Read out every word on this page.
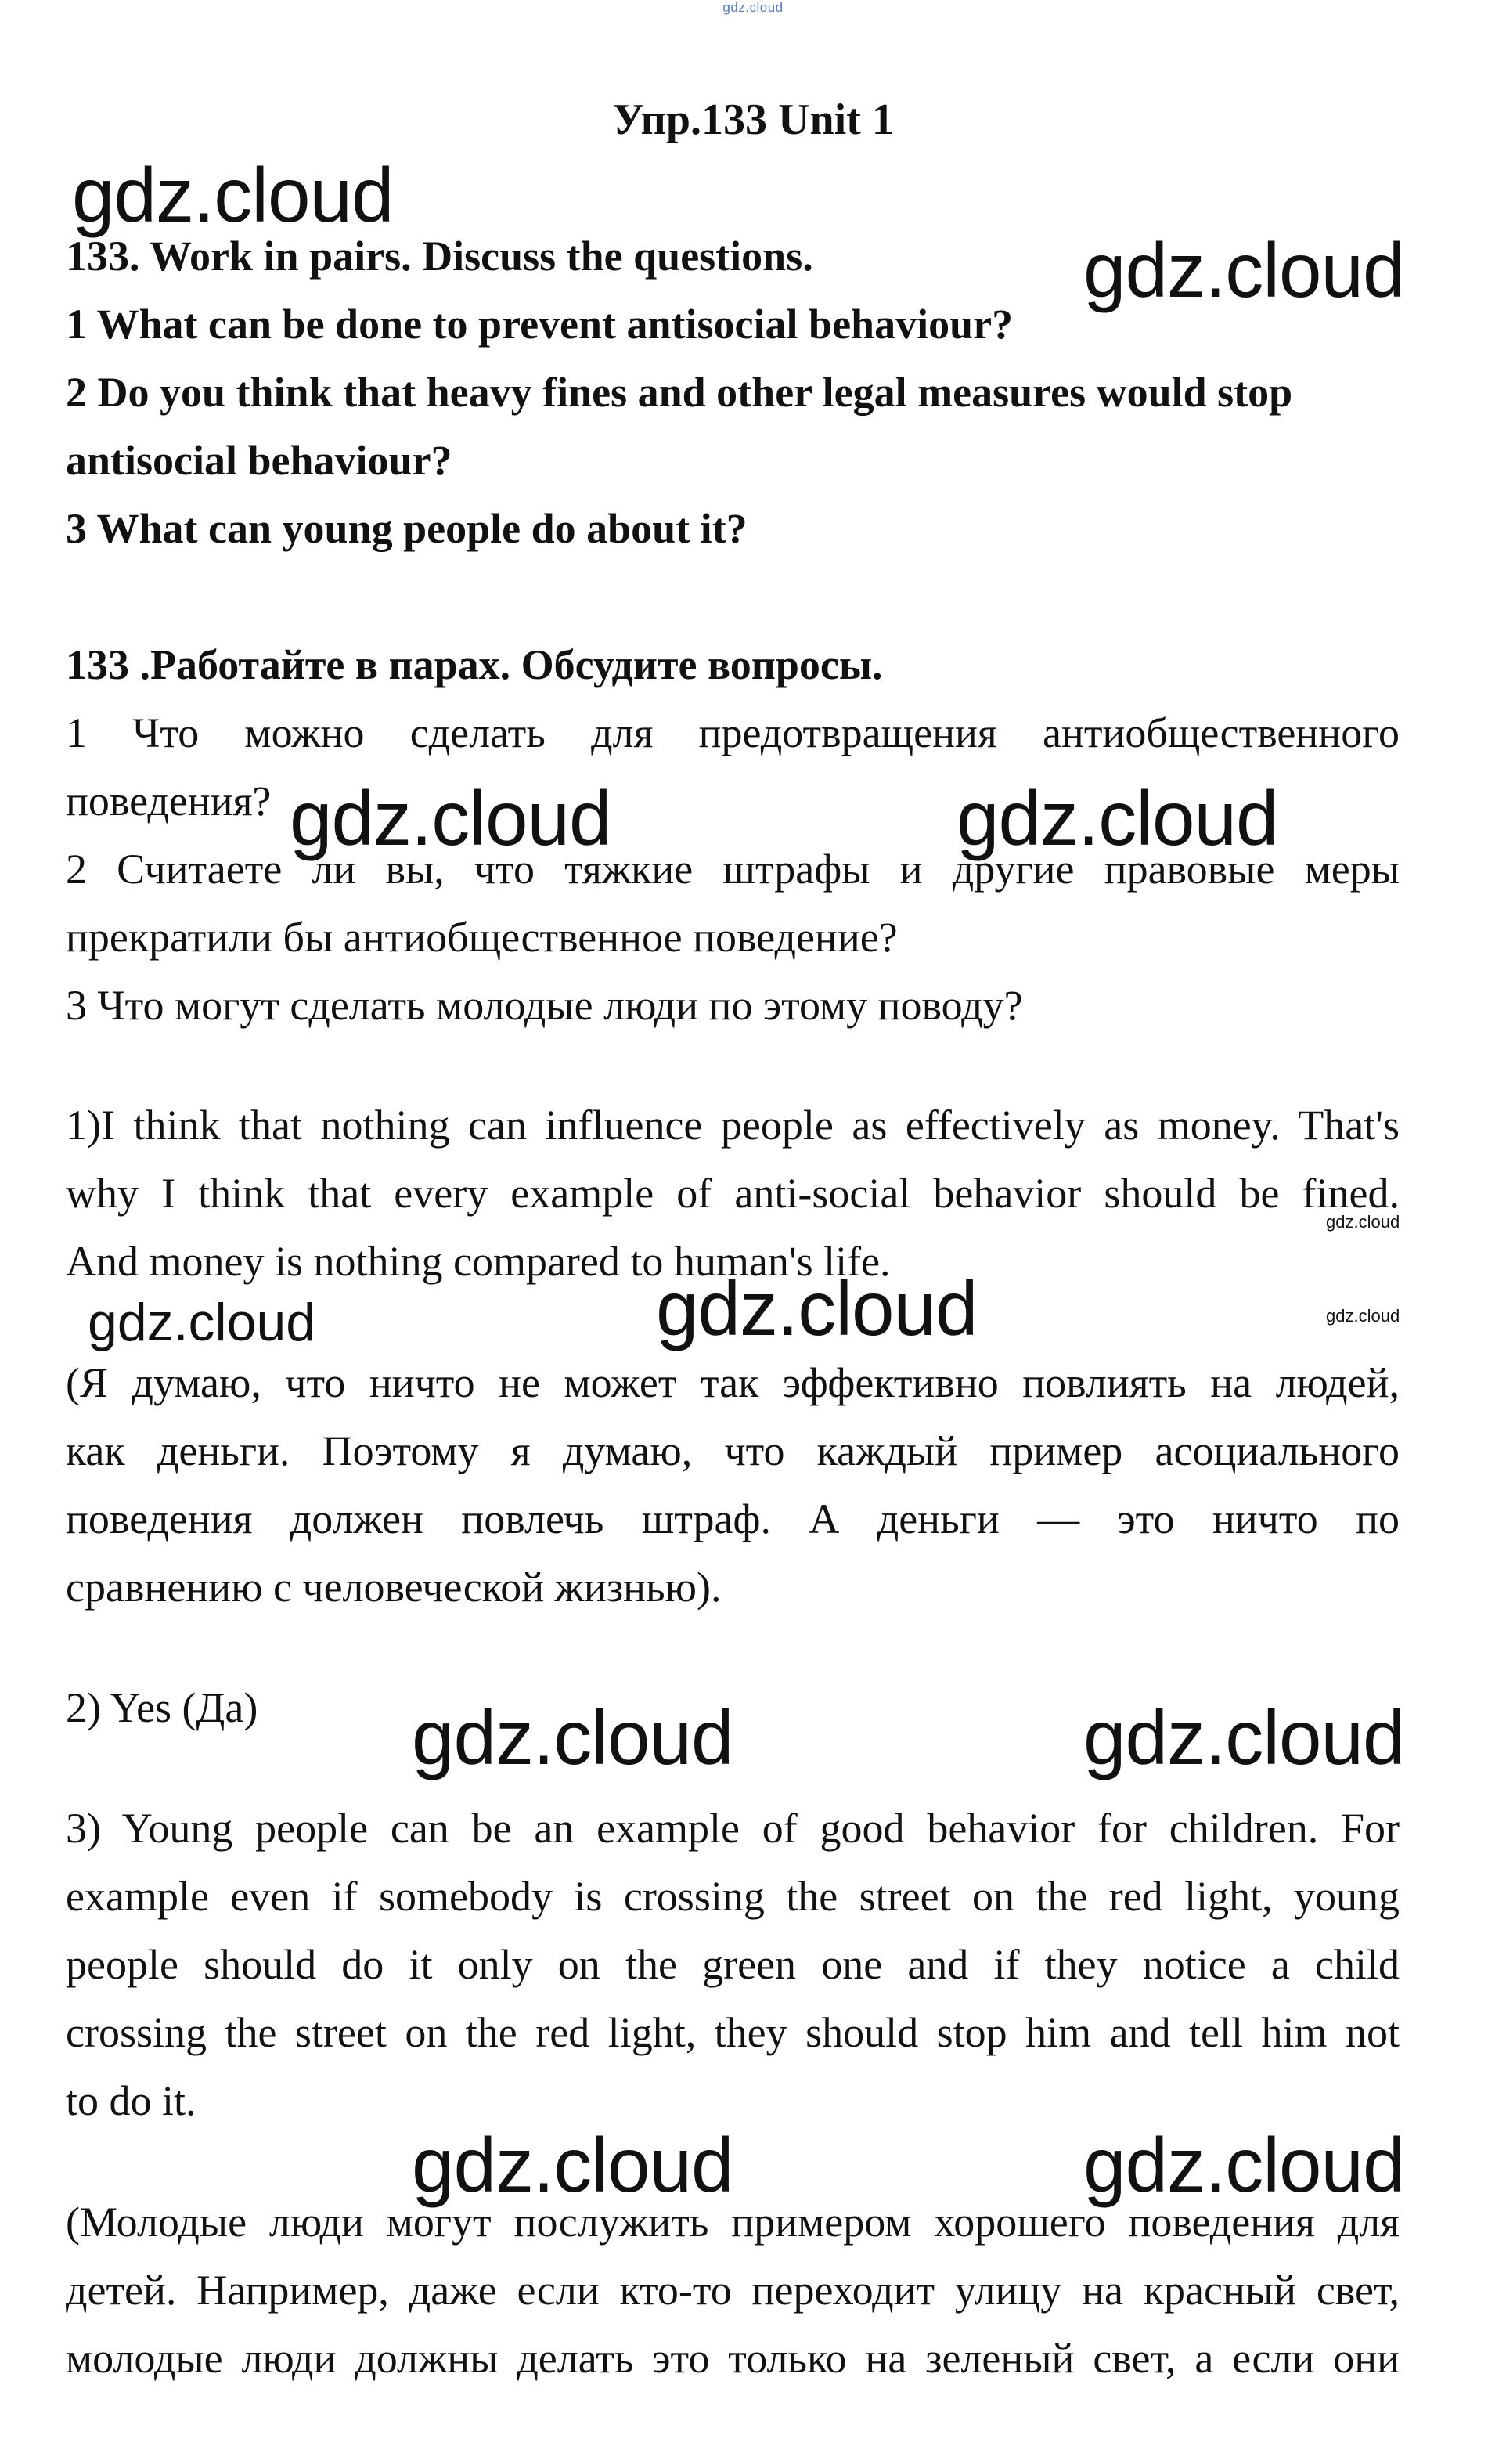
gdz.cloud
Упр.133 Unit 1
133. Work in pairs. Discuss the questions.
1 What can be done to prevent antisocial behaviour?
2 Do you think that heavy fines and other legal measures would stop
antisocial behaviour?
3 What can young people do about it?
133 .Работайте в парах. Обсудите вопросы.
1 Что можно сделать для предотвращения антиобщественного
поведения?
2 Считаете ли вы, что тяжкие штрафы и другие правовые меры
прекратили бы антиобщественное поведение?
3 Что могут сделать молодые люди по этому поводу?
1)I think that nothing can influence people as effectively as money. That's
why I think that every example of anti-social behavior should be fined.
And money is nothing compared to human's life.
(Я думаю, что ничто не может так эффективно повлиять на людей,
как деньги. Поэтому я думаю, что каждый пример асоциального
поведения должен повлечь штраф. А деньги — это ничто по
сравнению с человеческой жизнью).
2) Yes (Да)
3) Young people can be an example of good behavior for children. For
example even if somebody is crossing the street on the red light, young
people should do it only on the green one and if they notice a child
crossing the street on the red light, they should stop him and tell him not
to do it.
(Молодые люди могут послужить примером хорошего поведения для
детей. Например, даже если кто-то переходит улицу на красный свет,
молодые люди должны делать это только на зеленый свет, а если они
gdz.cloud
gdz.cloud
gdz.cloud	gdz.cloud
gdz.cloud
gdz.cloud	gdz.cloud	gdz.cloud
gdz.cloud	gdz.cloud
gdz.cloud	gdz.cloud
